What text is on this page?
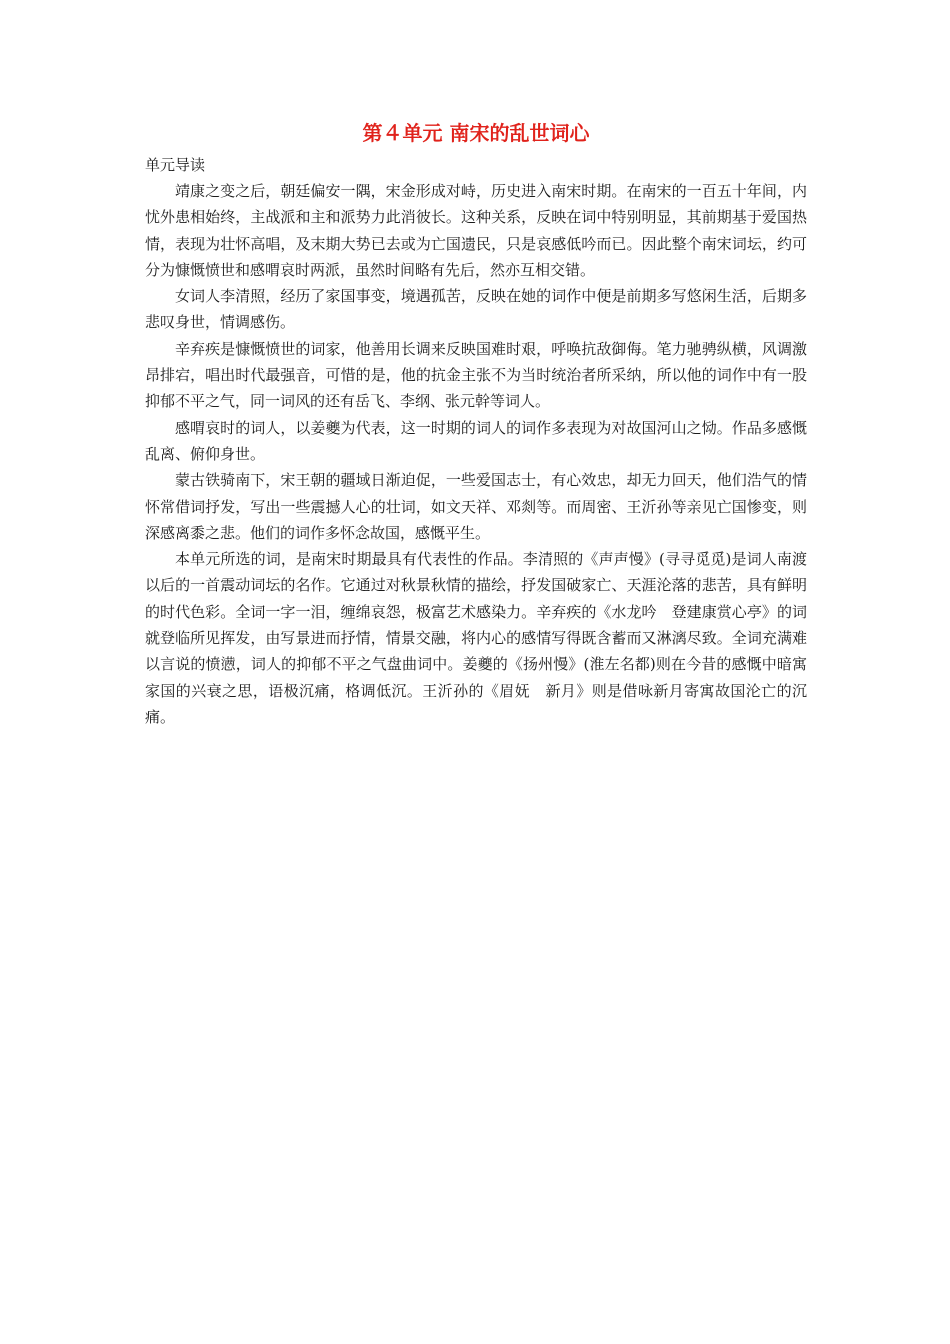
第４单元 南宋的乱世词心

单元导读

靖康之变之后，朝廷偏安一隅，宋金形成对峙，历史进入南宋时期。在南宋的一百五十年间，内忧外患相始终，主战派和主和派势力此消彼长。这种关系，反映在词中特别明显，其前期基于爱国热情，表现为壮怀高唱，及末期大势已去或为亡国遗民，只是哀感低吟而已。因此整个南宋词坛，约可分为慷慨愤世和感喟哀时两派，虽然时间略有先后，然亦互相交错。

女词人李清照，经历了家国事变，境遇孤苦，反映在她的词作中便是前期多写悠闲生活，后期多悲叹身世，情调感伤。

辛弃疾是慷慨愤世的词家，他善用长调来反映国难时艰，呼唤抗敌御侮。笔力驰骋纵横，风调激昂排宕，唱出时代最强音，可惜的是，他的抗金主张不为当时统治者所采纳，所以他的词作中有一股抑郁不平之气，同一词风的还有岳飞、李纲、张元幹等词人。

感喟哀时的词人，以姜夔为代表，这一时期的词人的词作多表现为对故国河山之恸。作品多感慨乱离、俯仰身世。

蒙古铁骑南下，宋王朝的疆域日渐迫促，一些爱国志士，有心效忠，却无力回天，他们浩气的情怀常借词抒发，写出一些震撼人心的壮词，如文天祥、邓剡等。而周密、王沂孙等亲见亡国惨变，则深感离黍之悲。他们的词作多怀念故国，感慨平生。

本单元所选的词，是南宋时期最具有代表性的作品。李清照的《声声慢》(寻寻觅觅)是词人南渡以后的一首震动词坛的名作。它通过对秋景秋情的描绘，抒发国破家亡、天涯沦落的悲苦，具有鲜明的时代色彩。全词一字一泪，缠绵哀怨，极富艺术感染力。辛弃疾的《水龙吟　登建康赏心亭》的词就登临所见挥发，由写景进而抒情，情景交融，将内心的感情写得既含蓄而又淋漓尽致。全词充满难以言说的愤懑，词人的抑郁不平之气盘曲词中。姜夔的《扬州慢》(淮左名都)则在今昔的感慨中暗寓家国的兴衰之思，语极沉痛，格调低沉。王沂孙的《眉妩　新月》则是借咏新月寄寓故国沦亡的沉痛。
